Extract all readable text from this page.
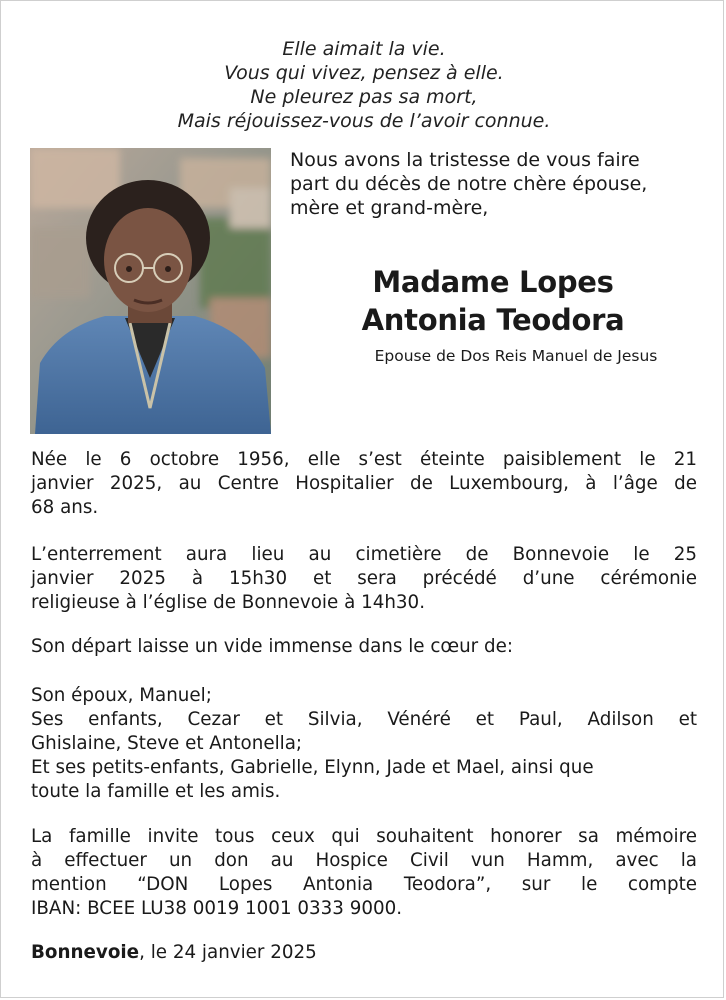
Elle aimait la vie.
Vous qui vivez, pensez à elle.
Ne pleurez pas sa mort,
Mais réjouissez-vous de l’avoir connue.
Nous avons la tristesse de vous faire
part du décès de notre chère épouse,
mère et grand-mère,
Madame Lopes
Antonia Teodora
Epouse de Dos Reis Manuel de Jesus
Née le 6 octobre 1956, elle s’est éteinte paisiblement le 21
janvier 2025, au Centre Hospitalier de Luxembourg, à l’âge de
68 ans.
L’enterrement aura lieu au cimetière de Bonnevoie le 25
janvier 2025 à 15h30 et sera précédé d’une cérémonie
religieuse à l’église de Bonnevoie à 14h30.
Son départ laisse un vide immense dans le cœur de:
Son époux, Manuel;
Ses enfants, Cezar et Silvia, Vénéré et Paul, Adilson et
Ghislaine, Steve et Antonella;
Et ses petits-enfants, Gabrielle, Elynn, Jade et Mael, ainsi que
toute la famille et les amis.
La famille invite tous ceux qui souhaitent honorer sa mémoire
à effectuer un don au Hospice Civil vun Hamm, avec la
mention “DON Lopes Antonia Teodora”, sur le compte
IBAN: BCEE LU38 0019 1001 0333 9000.
Bonnevoie, le 24 janvier 2025
